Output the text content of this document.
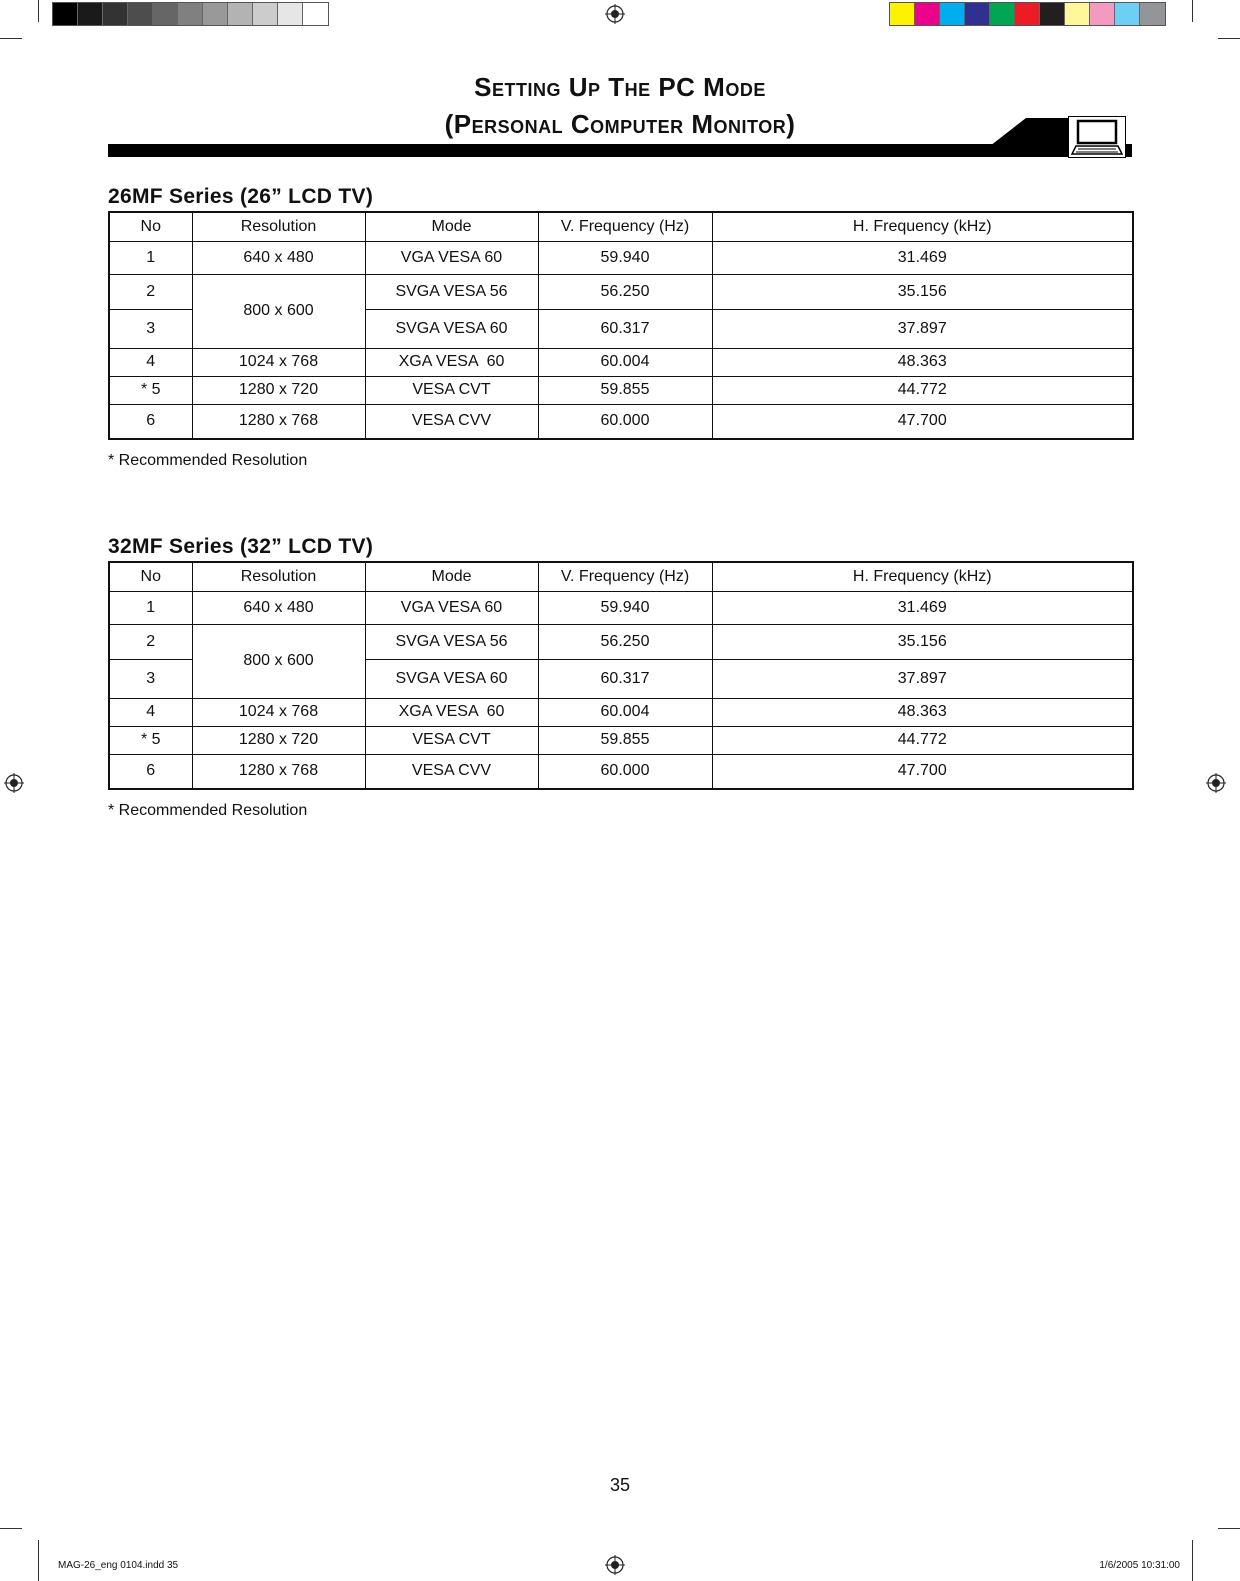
Setting Up The PC Mode
(Personal Computer Monitor)
26MF Series (26” LCD TV)
No	Resolution	Mode	V. Frequency (Hz)	H. Frequency (kHz)
1	640 x 480	VGA VESA 60	59.940	31.469
2	800 x 600	SVGA VESA 56	56.250	35.156
3		SVGA VESA 60	60.317	37.897
4	1024 x 768	XGA VESA  60	60.004	48.363
* 5	1280 x 720	VESA CVT	59.855	44.772
6	1280 x 768	VESA CVV	60.000	47.700
* Recommended Resolution
32MF Series (32” LCD TV)
No	Resolution	Mode	V. Frequency (Hz)	H. Frequency (kHz)
1	640 x 480	VGA VESA 60	59.940	31.469
2	800 x 600	SVGA VESA 56	56.250	35.156
3		SVGA VESA 60	60.317	37.897
4	1024 x 768	XGA VESA  60	60.004	48.363
* 5	1280 x 720	VESA CVT	59.855	44.772
6	1280 x 768	VESA CVV	60.000	47.700
* Recommended Resolution
35
MAG-26_eng 0104.indd 35	1/6/2005 10:31:00
